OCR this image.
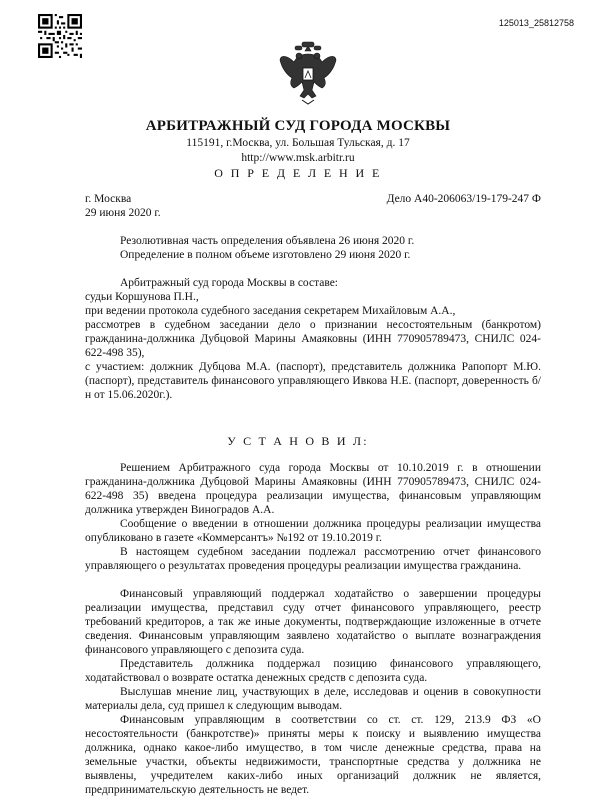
125013_25812758
АРБИТРАЖНЫЙ СУД ГОРОДА МОСКВЫ
115191, г.Москва, ул. Большая Тульская, д. 17
http://www.msk.arbitr.ru
О П Р Е Д Е Л Е Н И Е
г. Москва
29 июня 2020 г.
Дело А40-206063/19-179-247 Ф
Резолютивная часть определения объявлена 26 июня 2020 г.
Определение в полном объеме изготовлено 29 июня 2020 г.
Арбитражный суд города Москвы в составе:
судьи Коршунова П.Н.,
при ведении протокола судебного заседания секретарем Михайловым А.А.,
рассмотрев в судебном заседании дело о признании несостоятельным (банкротом) гражданина-должника Дубцовой Марины Амаяковны (ИНН 770905789473, СНИЛС 024-622-498 35),
с участием: должник Дубцова М.А. (паспорт), представитель должника Рапопорт М.Ю. (паспорт), представитель финансового управляющего Ивкова Н.Е. (паспорт, доверенность б/н от 15.06.2020г.).
У С Т А Н О В И Л:
Решением Арбитражного суда города Москвы от 10.10.2019 г. в отношении гражданина-должника Дубцовой Марины Амаяковны (ИНН 770905789473, СНИЛС 024-622-498 35) введена процедура реализации имущества, финансовым управляющим должника утвержден Виноградов А.А.
Сообщение о введении в отношении должника процедуры реализации имущества опубликовано в газете «Коммерсантъ» №192 от 19.10.2019 г.
В настоящем судебном заседании подлежал рассмотрению отчет финансового управляющего о результатах проведения процедуры реализации имущества гражданина.
Финансовый управляющий поддержал ходатайство о завершении процедуры реализации имущества, представил суду отчет финансового управляющего, реестр требований кредиторов, а так же иные документы, подтверждающие изложенные в отчете сведения. Финансовым управляющим заявлено ходатайство о выплате вознаграждения финансового управляющего с депозита суда.
Представитель должника поддержал позицию финансового управляющего, ходатайствовал о возврате остатка денежных средств с депозита суда.
Выслушав мнение лиц, участвующих в деле, исследовав и оценив в совокупности материалы дела, суд пришел к следующим выводам.
Финансовым управляющим в соответствии со ст. ст. 129, 213.9 ФЗ «О несостоятельности (банкротстве)» приняты меры к поиску и выявлению имущества должника, однако какое-либо имущество, в том числе денежные средства, права на земельные участки, объекты недвижимости, транспортные средства у должника не выявлены, учредителем каких-либо иных организаций должник не является, предпринимательскую деятельность не ведет.
